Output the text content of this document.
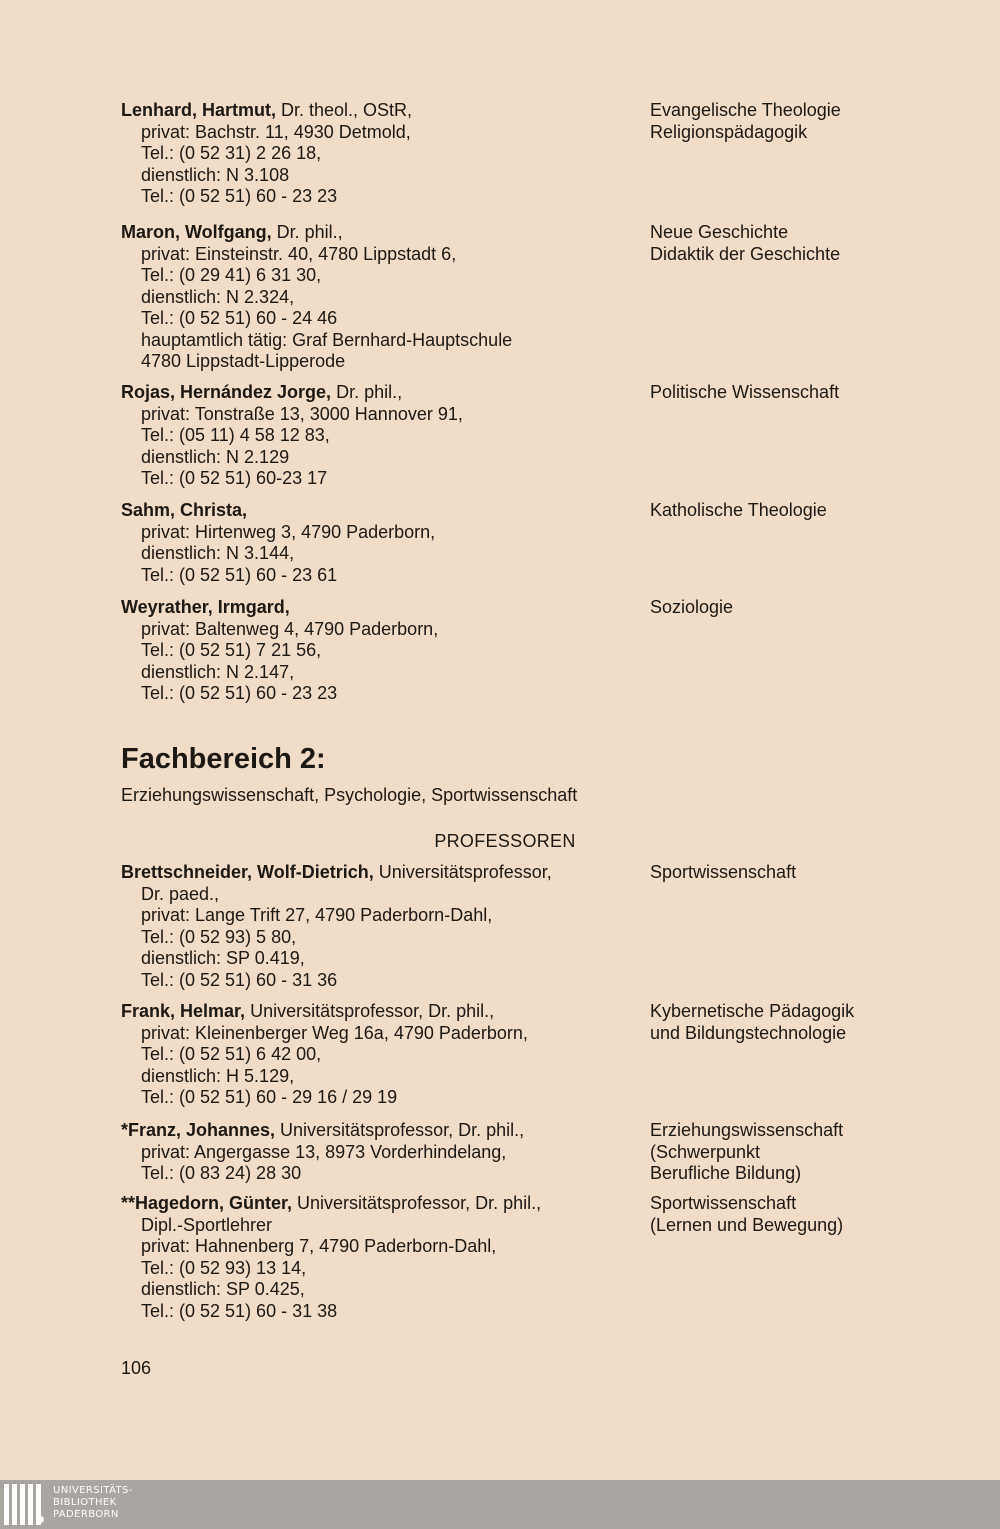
Lenhard, Hartmut, Dr. theol., OStR,
privat: Bachstr. 11, 4930 Detmold,
Tel.: (0 52 31) 2 26 18,
dienstlich: N 3.108
Tel.: (0 52 51) 60 - 23 23
Evangelische Theologie
Religionspädagogik
Maron, Wolfgang, Dr. phil.,
privat: Einsteinstr. 40, 4780 Lippstadt 6,
Tel.: (0 29 41) 6 31 30,
dienstlich: N 2.324,
Tel.: (0 52 51) 60 - 24 46
hauptamtlich tätig: Graf Bernhard-Hauptschule
4780 Lippstadt-Lipperode
Neue Geschichte
Didaktik der Geschichte
Rojas, Hernández Jorge, Dr. phil.,
privat: Tonstraße 13, 3000 Hannover 91,
Tel.: (05 11) 4 58 12 83,
dienstlich: N 2.129
Tel.: (0 52 51) 60-23 17
Politische Wissenschaft
Sahm, Christa,
privat: Hirtenweg 3, 4790 Paderborn,
dienstlich: N 3.144,
Tel.: (0 52 51) 60 - 23 61
Katholische Theologie
Weyrather, Irmgard,
privat: Baltenweg 4, 4790 Paderborn,
Tel.: (0 52 51) 7 21 56,
dienstlich: N 2.147,
Tel.: (0 52 51) 60 - 23 23
Soziologie
Fachbereich 2:
Erziehungswissenschaft, Psychologie, Sportwissenschaft
PROFESSOREN
Brettschneider, Wolf-Dietrich, Universitätsprofessor,
Dr. paed.,
privat: Lange Trift 27, 4790 Paderborn-Dahl,
Tel.: (0 52 93) 5 80,
dienstlich: SP 0.419,
Tel.: (0 52 51) 60 - 31 36
Sportwissenschaft
Frank, Helmar, Universitätsprofessor, Dr. phil.,
privat: Kleinenberger Weg 16a, 4790 Paderborn,
Tel.: (0 52 51) 6 42 00,
dienstlich: H 5.129,
Tel.: (0 52 51) 60 - 29 16 / 29 19
Kybernetische Pädagogik
und Bildungstechnologie
*Franz, Johannes, Universitätsprofessor, Dr. phil.,
privat: Angergasse 13, 8973 Vorderhindelang,
Tel.: (0 83 24) 28 30
Erziehungswissenschaft
(Schwerpunkt
Berufliche Bildung)
**Hagedorn, Günter, Universitätsprofessor, Dr. phil.,
Dipl.-Sportlehrer
privat: Hahnenberg 7, 4790 Paderborn-Dahl,
Tel.: (0 52 93) 13 14,
dienstlich: SP 0.425,
Tel.: (0 52 51) 60 - 31 38
Sportwissenschaft
(Lernen und Bewegung)
106
UNIVERSITÄTS-
BIBLIOTHEK
PADERBORN
